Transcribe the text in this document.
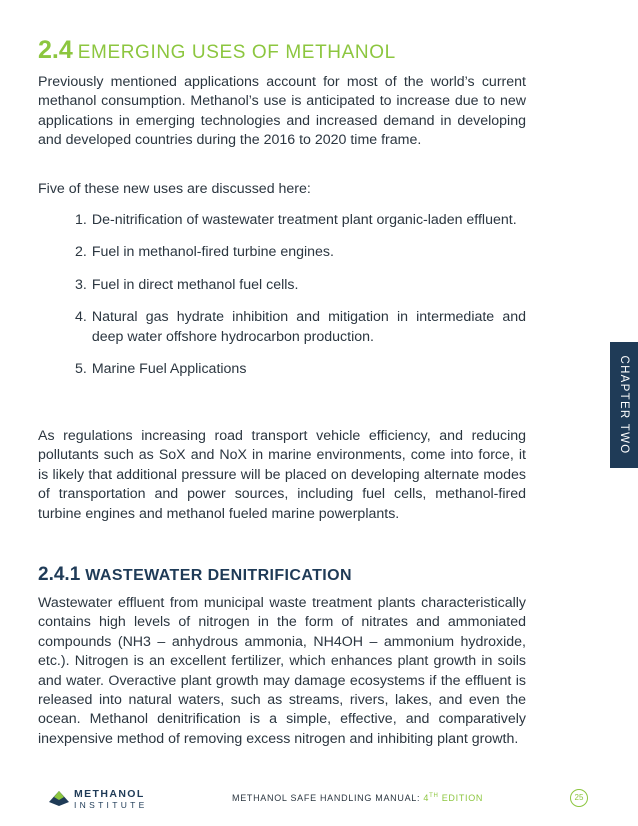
2.4 EMERGING USES OF METHANOL

Previously mentioned applications account for most of the world’s current methanol consumption. Methanol’s use is anticipated to increase due to new applications in emerging technologies and increased demand in developing and developed countries during the 2016 to 2020 time frame.

Five of these new uses are discussed here:

1. De-nitrification of wastewater treatment plant organic-laden effluent.
2. Fuel in methanol-fired turbine engines.
3. Fuel in direct methanol fuel cells.
4. Natural gas hydrate inhibition and mitigation in intermediate and deep water offshore hydrocarbon production.
5. Marine Fuel Applications

As regulations increasing road transport vehicle efficiency, and reducing pollutants such as SoX and NoX in marine environments, come into force, it is likely that additional pressure will be placed on developing alternate modes of transportation and power sources, including fuel cells, methanol-fired turbine engines and methanol fueled marine powerplants.

2.4.1 WASTEWATER DENITRIFICATION

Wastewater effluent from municipal waste treatment plants characteristically contains high levels of nitrogen in the form of nitrates and ammoniated compounds (NH3 – anhydrous ammonia, NH4OH – ammonium hydroxide, etc.). Nitrogen is an excellent fertilizer, which enhances plant growth in soils and water. Overactive plant growth may damage ecosystems if the effluent is released into natural waters, such as streams, rivers, lakes, and even the ocean. Methanol denitrification is a simple, effective, and comparatively inexpensive method of removing excess nitrogen and inhibiting plant growth.

CHAPTER TWO
METHANOL
INSTITUTE
METHANOL SAFE HANDLING MANUAL: 4TH EDITION	25
